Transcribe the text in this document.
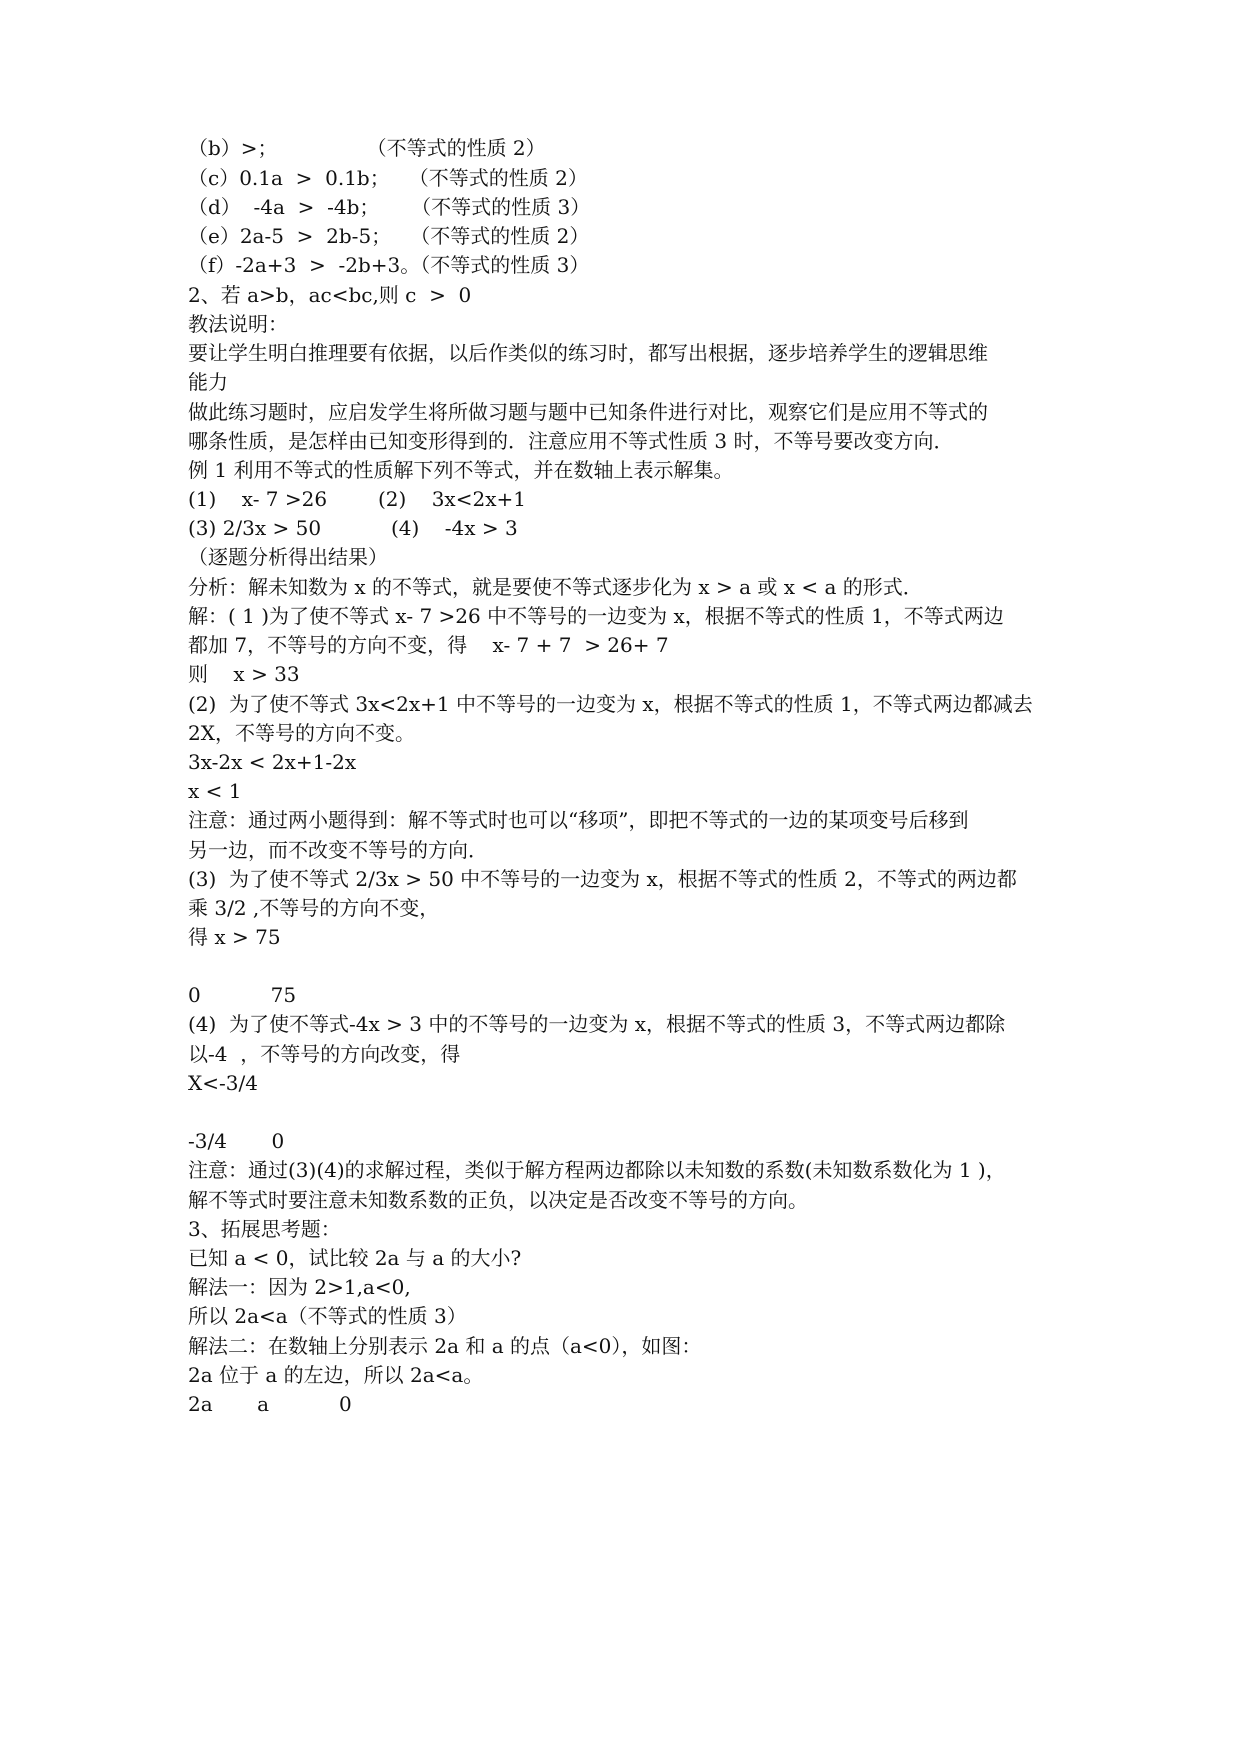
（b）>；              （不等式的性质 2）
（c）0.1a  >  0.1b；   （不等式的性质 2）
（d）  -4a  >  -4b；     （不等式的性质 3）
（e）2a-5  >  2b-5；   （不等式的性质 2）
（f）-2a+3  >  -2b+3。（不等式的性质 3）
2、若 a>b，ac<bc,则 c  >  0
教法说明：
要让学生明白推理要有依据，以后作类似的练习时，都写出根据，逐步培养学生的逻辑思维
能力
做此练习题时，应启发学生将所做习题与题中已知条件进行对比，观察它们是应用不等式的
哪条性质，是怎样由已知变形得到的．注意应用不等式性质 3 时，不等号要改变方向．
例 1 利用不等式的性质解下列不等式，并在数轴上表示解集。
(1)    x- 7 >26        (2)    3x<2x+1
(3) 2/3x > 50           (4)    -4x > 3
（逐题分析得出结果）
分析：解未知数为 x 的不等式，就是要使不等式逐步化为 x > a 或 x < a 的形式．
解：( 1 )为了使不等式 x- 7 >26 中不等号的一边变为 x，根据不等式的性质 1，不等式两边
都加 7，不等号的方向不变，得    x- 7 + 7  > 26+ 7
则    x > 33
(2)  为了使不等式 3x<2x+1 中不等号的一边变为 x，根据不等式的性质 1，不等式两边都减去
2X，不等号的方向不变。
3x-2x < 2x+1-2x
x < 1
注意：通过两小题得到：解不等式时也可以“移项”，即把不等式的一边的某项变号后移到
另一边，而不改变不等号的方向．
(3)  为了使不等式 2/3x > 50 中不等号的一边变为 x，根据不等式的性质 2，不等式的两边都
乘 3/2 ,不等号的方向不变，
得 x > 75
0           75
(4)  为了使不等式-4x > 3 中的不等号的一边变为 x，根据不等式的性质 3，不等式两边都除
以-4  ，不等号的方向改变，得
X<-3/4
-3/4       0
注意：通过(3)(4)的求解过程，类似于解方程两边都除以未知数的系数(未知数系数化为 1 )，
解不等式时要注意未知数系数的正负，以决定是否改变不等号的方向。
3、拓展思考题：
已知 a < 0，试比较 2a 与 a 的大小?
解法一：因为 2>1,a<0,
所以 2a<a（不等式的性质 3）
解法二：在数轴上分别表示 2a 和 a 的点（a<0），如图：
2a 位于 a 的左边，所以 2a<a。
2a       a           0
